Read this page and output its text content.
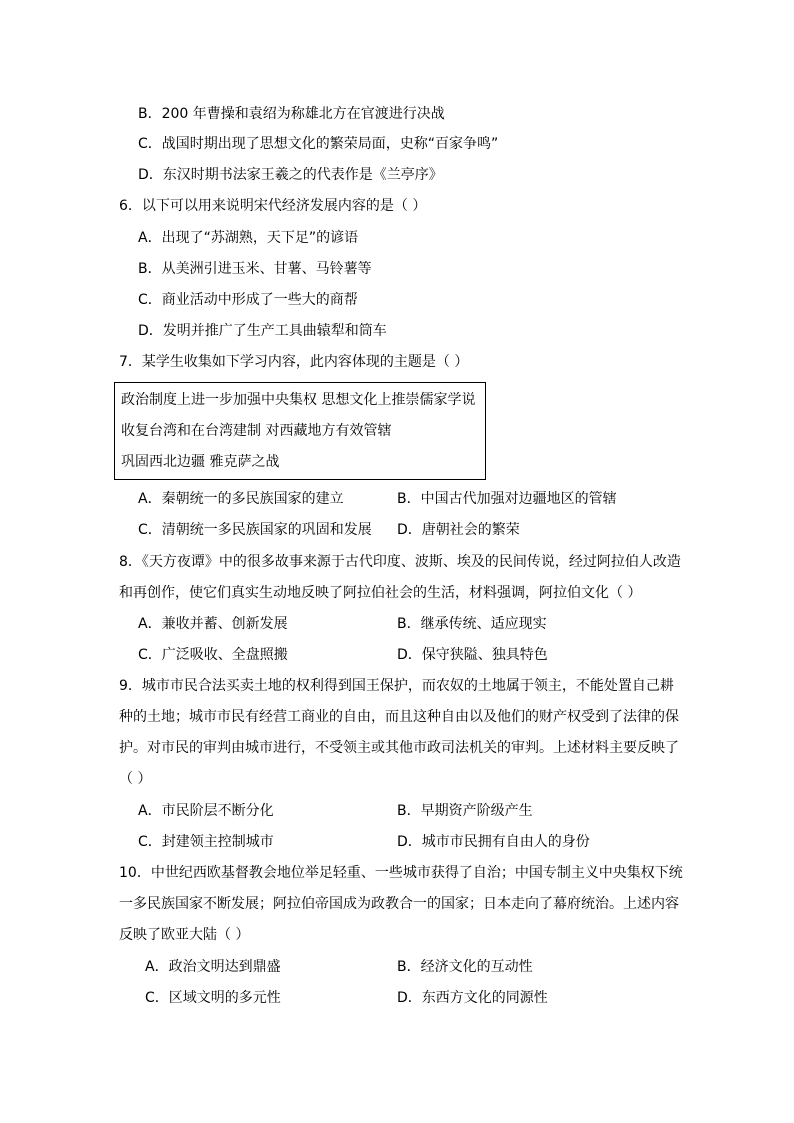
B．200 年曹操和袁绍为称雄北方在官渡进行决战
C．战国时期出现了思想文化的繁荣局面，史称“百家争鸣”
D．东汉时期书法家王羲之的代表作是《兰亭序》
6．以下可以用来说明宋代经济发展内容的是（ ）
A．出现了“苏湖熟，天下足”的谚语
B．从美洲引进玉米、甘薯、马铃薯等
C．商业活动中形成了一些大的商帮
D．发明并推广了生产工具曲辕犁和筒车
7．某学生收集如下学习内容，此内容体现的主题是（ ）
政治制度上进一步加强中央集权 思想文化上推崇儒家学说
收复台湾和在台湾建制 对西藏地方有效管辖
巩固西北边疆 雅克萨之战
A．秦朝统一的多民族国家的建立	B．中国古代加强对边疆地区的管辖
C．清朝统一多民族国家的巩固和发展 D．唐朝社会的繁荣
8．《天方夜谭》中的很多故事来源于古代印度、波斯、埃及的民间传说，经过阿拉伯人改造
和再创作，使它们真实生动地反映了阿拉伯社会的生活，材料强调，阿拉伯文化（ ）
A．兼收并蓄、创新发展	B．继承传统、适应现实
C．广泛吸收、全盘照搬	D．保守狭隘、独具特色
9．城市市民合法买卖土地的权利得到国王保护，而农奴的土地属于领主，不能处置自己耕
种的土地；城市市民有经营工商业的自由，而且这种自由以及他们的财产权受到了法律的保
护。对市民的审判由城市进行，不受领主或其他市政司法机关的审判。上述材料主要反映了
（ ）
A．市民阶层不断分化	B．早期资产阶级产生
C．封建领主控制城市	D．城市市民拥有自由人的身份
10．中世纪西欧基督教会地位举足轻重、一些城市获得了自治；中国专制主义中央集权下统
一多民族国家不断发展；阿拉伯帝国成为政教合一的国家；日本走向了幕府统治。上述内容
反映了欧亚大陆（ ）
A．政治文明达到鼎盛	B．经济文化的互动性
C．区域文明的多元性	D．东西方文化的同源性
